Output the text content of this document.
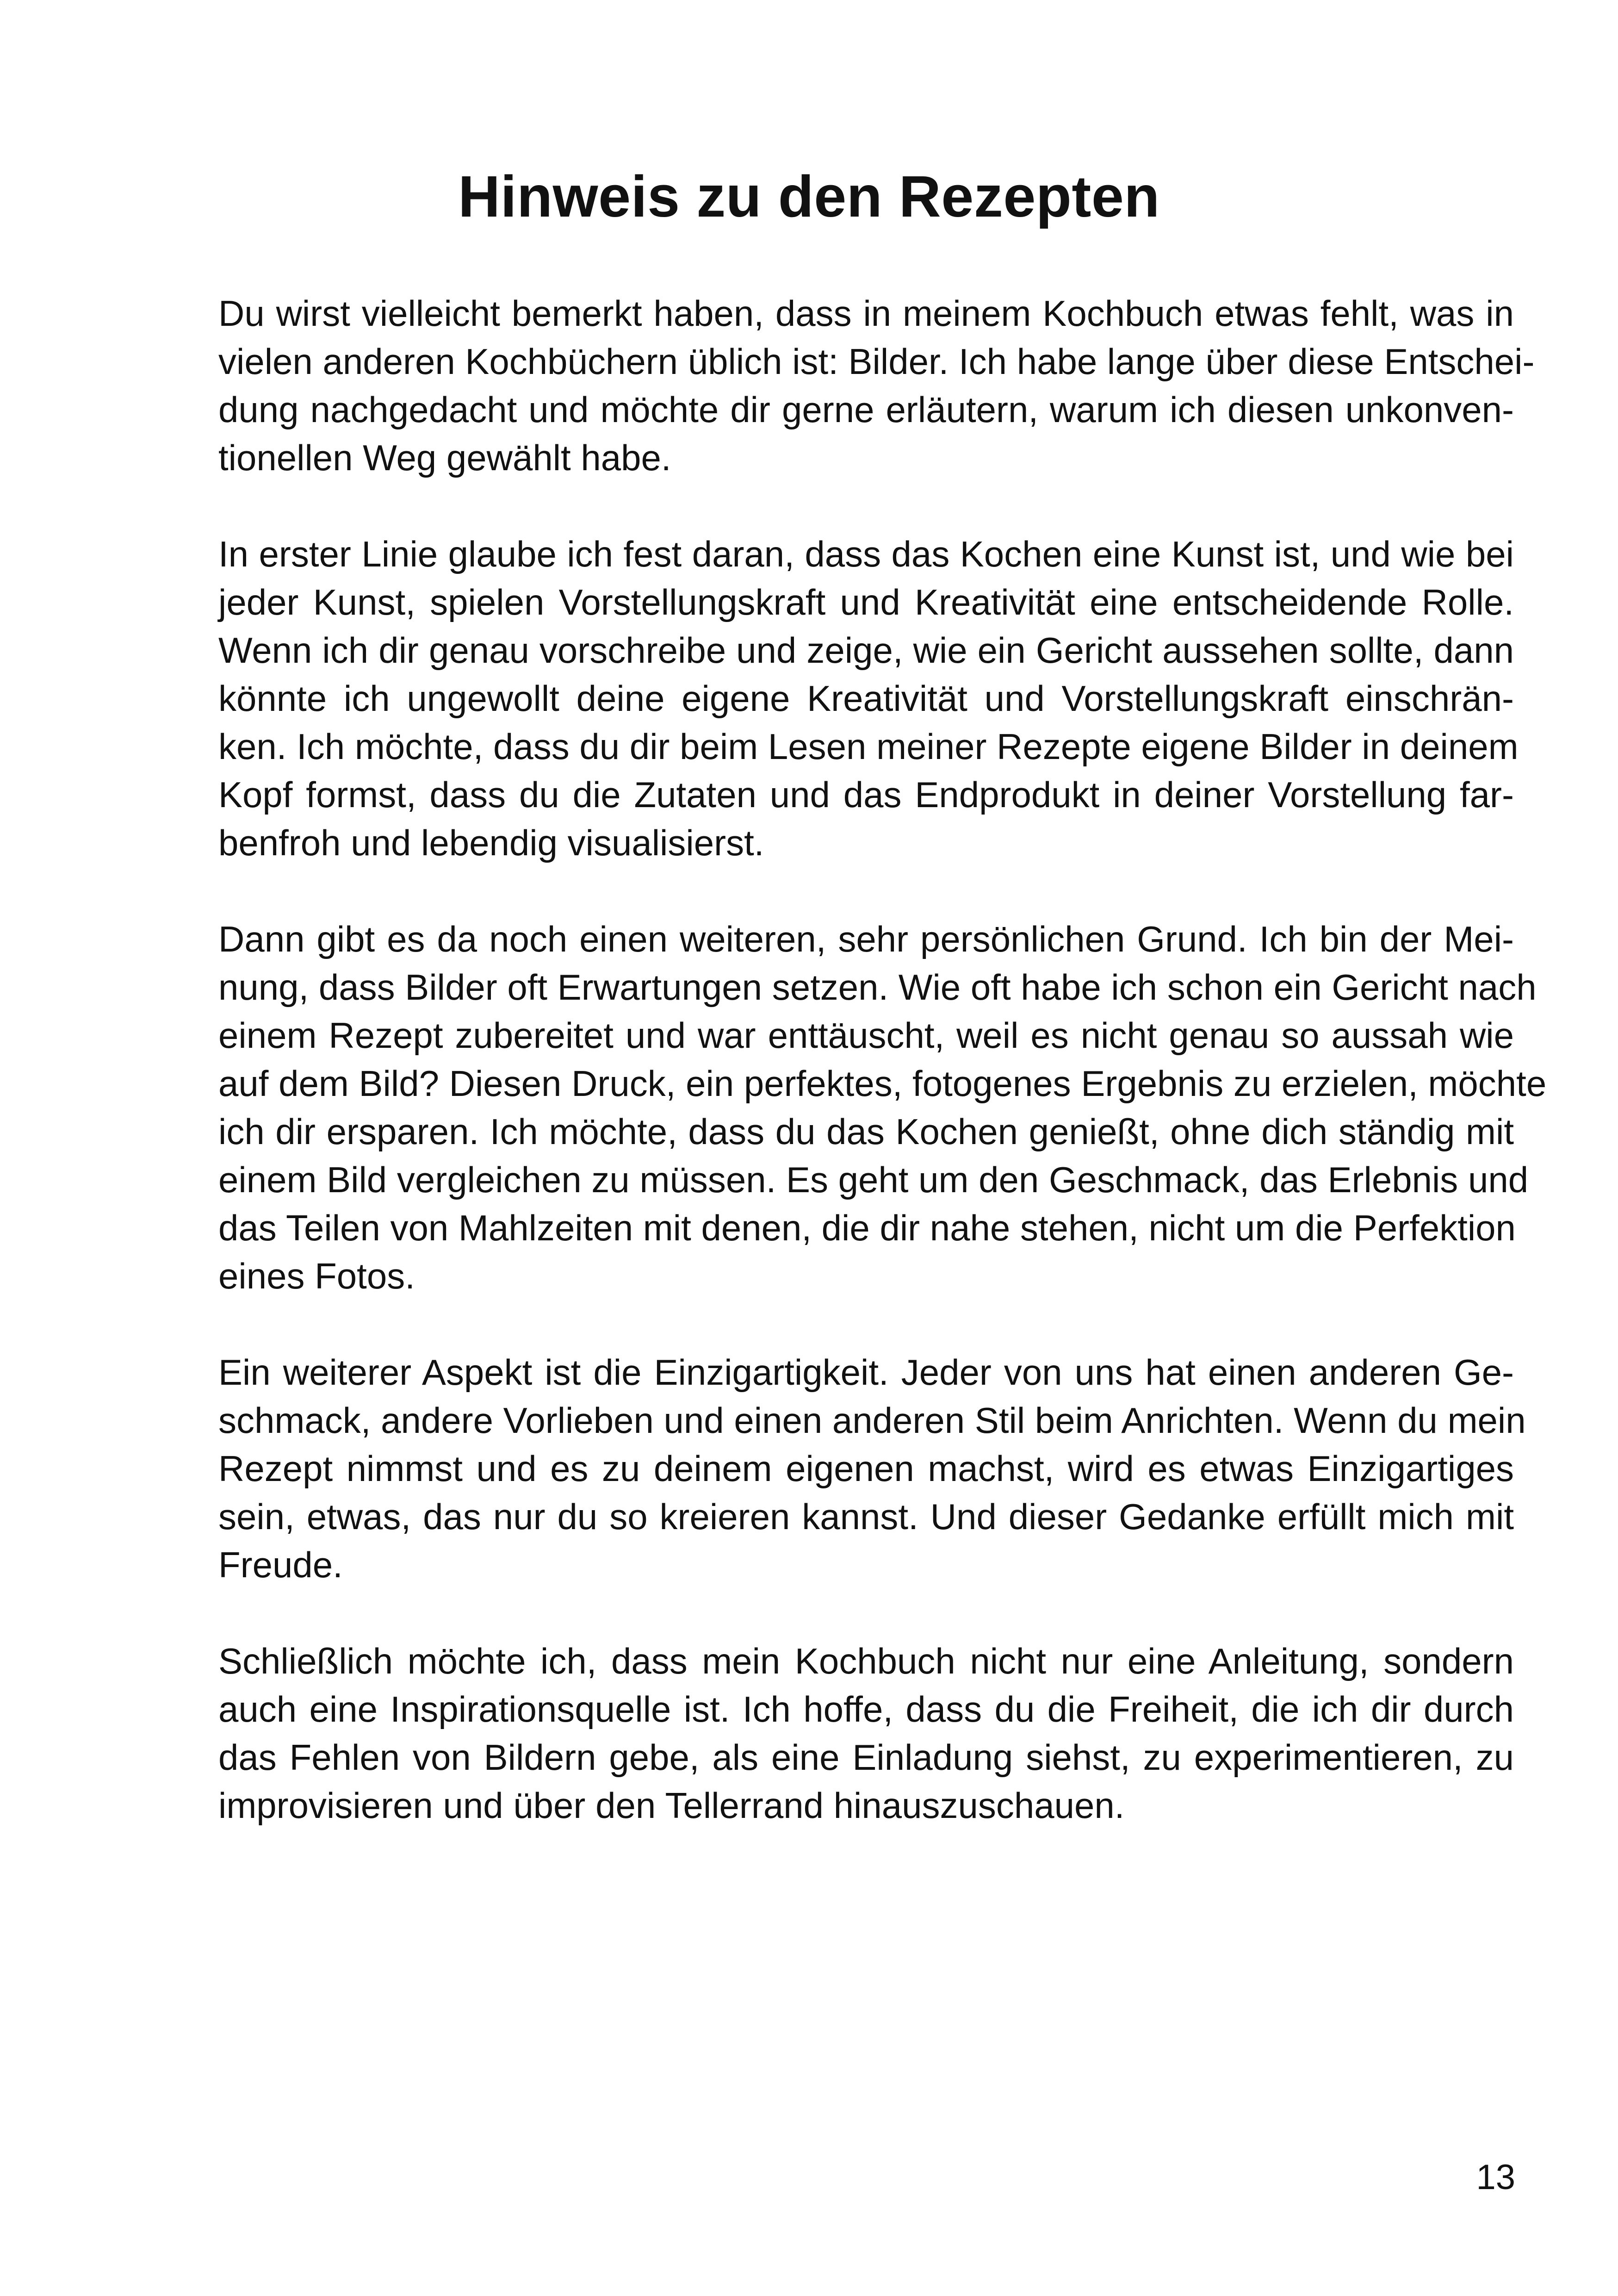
Hinweis zu den Rezepten

Du wirst vielleicht bemerkt haben, dass in meinem Kochbuch etwas fehlt, was in
vielen anderen Kochbüchern üblich ist: Bilder. Ich habe lange über diese Entschei-
dung nachgedacht und möchte dir gerne erläutern, warum ich diesen unkonven-
tionellen Weg gewählt habe.

In erster Linie glaube ich fest daran, dass das Kochen eine Kunst ist, und wie bei
jeder Kunst, spielen Vorstellungskraft und Kreativität eine entscheidende Rolle.
Wenn ich dir genau vorschreibe und zeige, wie ein Gericht aussehen sollte, dann
könnte ich ungewollt deine eigene Kreativität und Vorstellungskraft einschrän-
ken. Ich möchte, dass du dir beim Lesen meiner Rezepte eigene Bilder in deinem
Kopf formst, dass du die Zutaten und das Endprodukt in deiner Vorstellung far-
benfroh und lebendig visualisierst.

Dann gibt es da noch einen weiteren, sehr persönlichen Grund. Ich bin der Mei-
nung, dass Bilder oft Erwartungen setzen. Wie oft habe ich schon ein Gericht nach
einem Rezept zubereitet und war enttäuscht, weil es nicht genau so aussah wie
auf dem Bild? Diesen Druck, ein perfektes, fotogenes Ergebnis zu erzielen, möchte
ich dir ersparen. Ich möchte, dass du das Kochen genießt, ohne dich ständig mit
einem Bild vergleichen zu müssen. Es geht um den Geschmack, das Erlebnis und
das Teilen von Mahlzeiten mit denen, die dir nahe stehen, nicht um die Perfektion
eines Fotos.

Ein weiterer Aspekt ist die Einzigartigkeit. Jeder von uns hat einen anderen Ge-
schmack, andere Vorlieben und einen anderen Stil beim Anrichten. Wenn du mein
Rezept nimmst und es zu deinem eigenen machst, wird es etwas Einzigartiges
sein, etwas, das nur du so kreieren kannst. Und dieser Gedanke erfüllt mich mit
Freude.

Schließlich möchte ich, dass mein Kochbuch nicht nur eine Anleitung, sondern
auch eine Inspirationsquelle ist. Ich hoffe, dass du die Freiheit, die ich dir durch
das Fehlen von Bildern gebe, als eine Einladung siehst, zu experimentieren, zu
improvisieren und über den Tellerrand hinauszuschauen.

13
